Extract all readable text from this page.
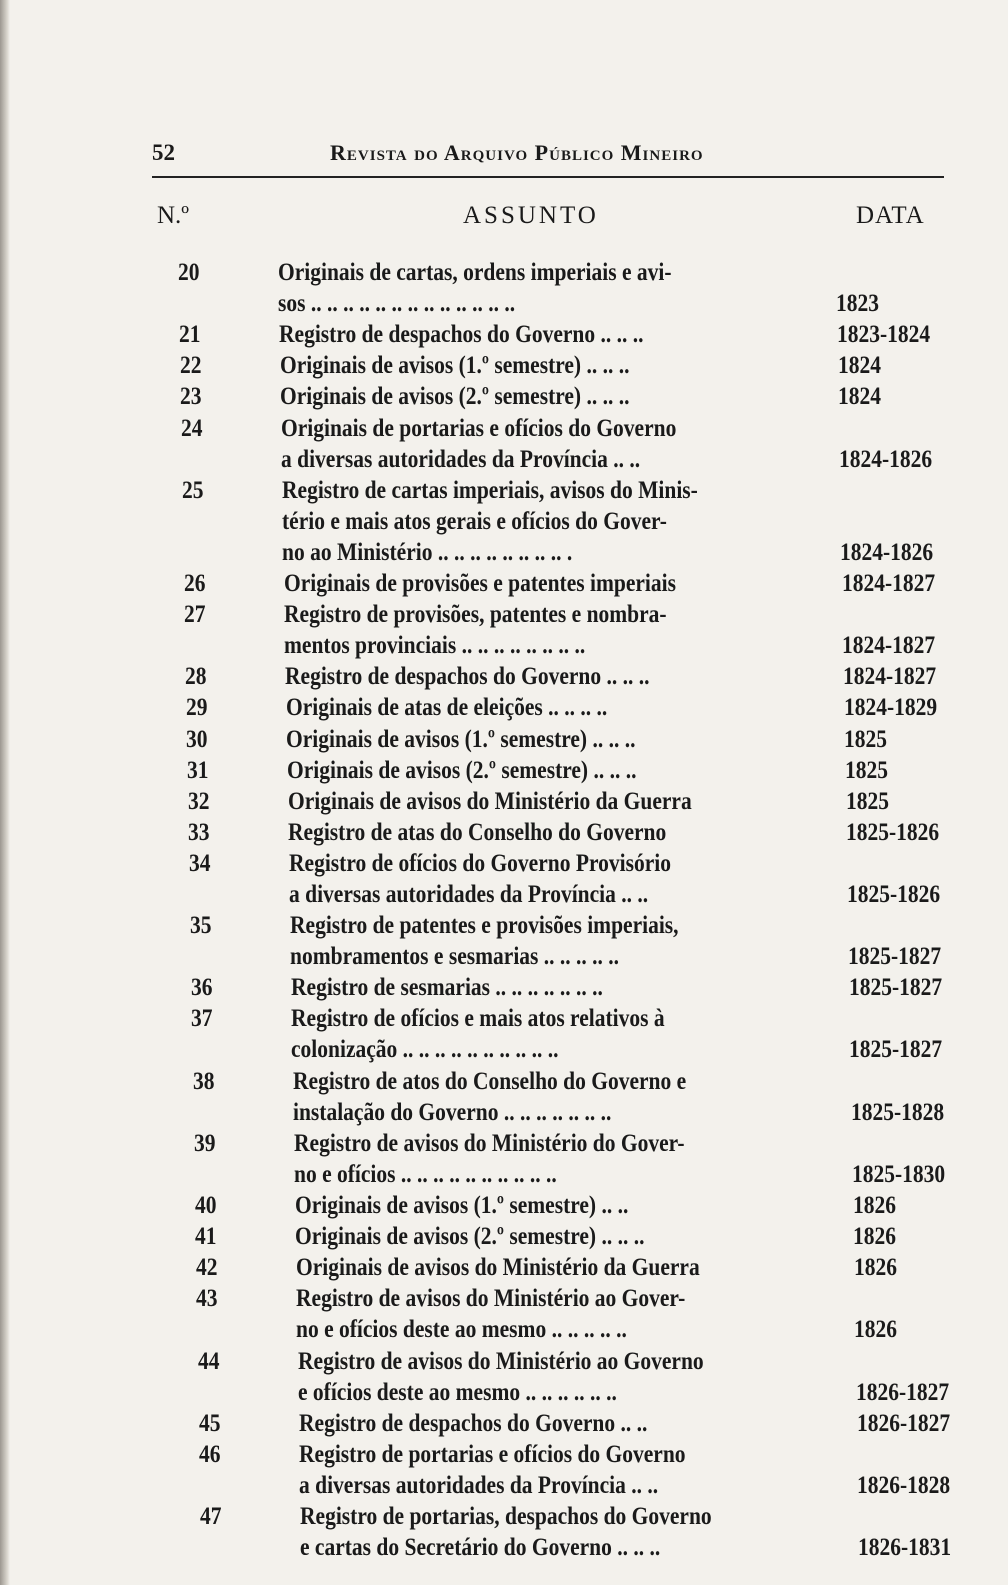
52	Revista do Arquivo Público Mineiro
N.º	ASSUNTO	DATA
20	Originais de cartas, ordens imperiais e avi-
sos .. .. .. .. .. .. .. .. .. .. .. .. ..	1823
21	Registro de despachos do Governo .. .. ..	1823-1824
22	Originais de avisos (1.º semestre) .. .. ..	1824
23	Originais de avisos (2.º semestre) .. .. ..	1824
24	Originais de portarias e ofícios do Governo
a diversas autoridades da Província .. ..	1824-1826
25	Registro de cartas imperiais, avisos do Minis-
tério e mais atos gerais e ofícios do Gover-
no ao Ministério .. .. .. .. .. .. .. .. .	1824-1826
26	Originais de provisões e patentes imperiais	1824-1827
27	Registro de provisões, patentes e nombra-
mentos provinciais .. .. .. .. .. .. .. ..	1824-1827
28	Registro de despachos do Governo .. .. ..	1824-1827
29	Originais de atas de eleições .. .. .. ..	1824-1829
30	Originais de avisos (1.º semestre) .. .. ..	1825
31	Originais de avisos (2.º semestre) .. .. ..	1825
32	Originais de avisos do Ministério da Guerra	1825
33	Registro de atas do Conselho do Governo	1825-1826
34	Registro de ofícios do Governo Provisório
a diversas autoridades da Província .. ..	1825-1826
35	Registro de patentes e provisões imperiais,
nombramentos e sesmarias .. .. .. .. ..	1825-1827
36	Registro de sesmarias .. .. .. .. .. .. ..	1825-1827
37	Registro de ofícios e mais atos relativos à
colonização .. .. .. .. .. .. .. .. .. ..	1825-1827
38	Registro de atos do Conselho do Governo e
instalação do Governo .. .. .. .. .. .. ..	1825-1828
39	Registro de avisos do Ministério do Gover-
no e ofícios .. .. .. .. .. .. .. .. .. ..	1825-1830
40	Originais de avisos (1.º semestre) .. ..	1826
41	Originais de avisos (2.º semestre) .. .. ..	1826
42	Originais de avisos do Ministério da Guerra	1826
43	Registro de avisos do Ministério ao Gover-
no e ofícios deste ao mesmo .. .. .. .. ..	1826
44	Registro de avisos do Ministério ao Governo
e ofícios deste ao mesmo .. .. .. .. .. ..	1826-1827
45	Registro de despachos do Governo .. ..	1826-1827
46	Registro de portarias e ofícios do Governo
a diversas autoridades da Província .. ..	1826-1828
47	Registro de portarias, despachos do Governo
e cartas do Secretário do Governo .. .. ..	1826-1831
